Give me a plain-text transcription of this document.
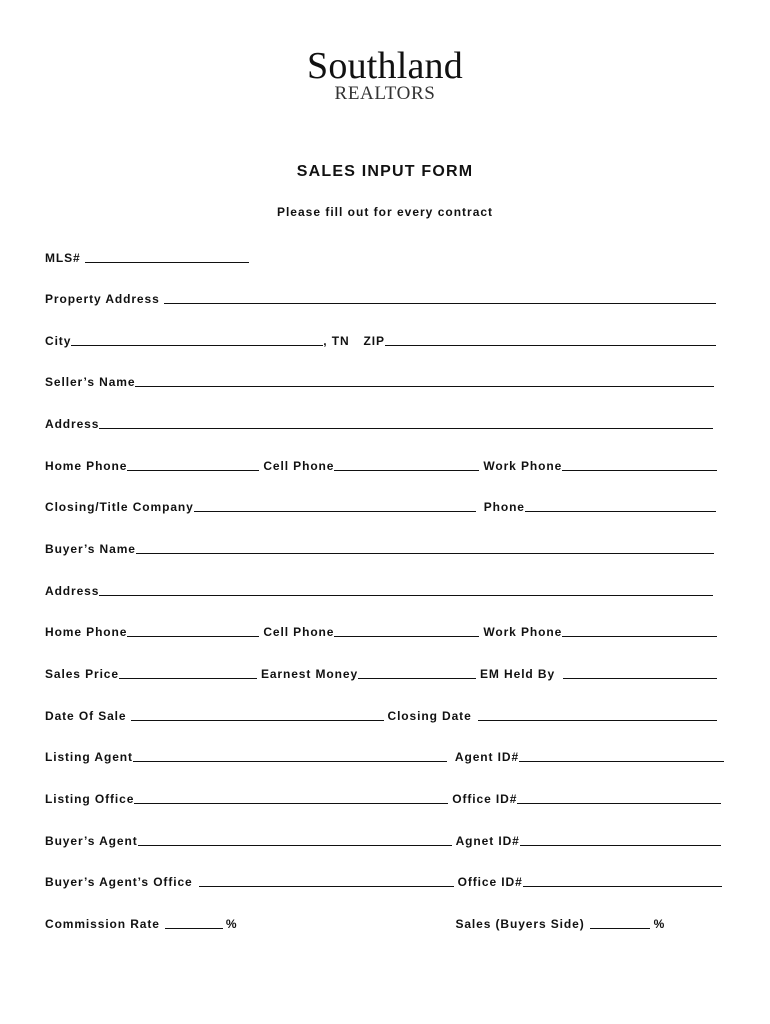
Southland
REALTORS
SALES INPUT FORM
Please fill out for every contract
MLS#
Property Address
City	, TN ZIP
Seller’s Name
Address
Home Phone	Cell Phone	Work Phone
Closing/Title Company	Phone
Buyer’s Name
Address
Home Phone	Cell Phone	Work Phone
Sales Price	Earnest Money	EM Held By
Date Of Sale	Closing Date
Listing Agent	Agent ID#
Listing Office	Office ID#
Buyer’s Agent	Agnet ID#
Buyer’s Agent’s Office	Office ID#
Commission Rate	%	Sales (Buyers Side)	%
